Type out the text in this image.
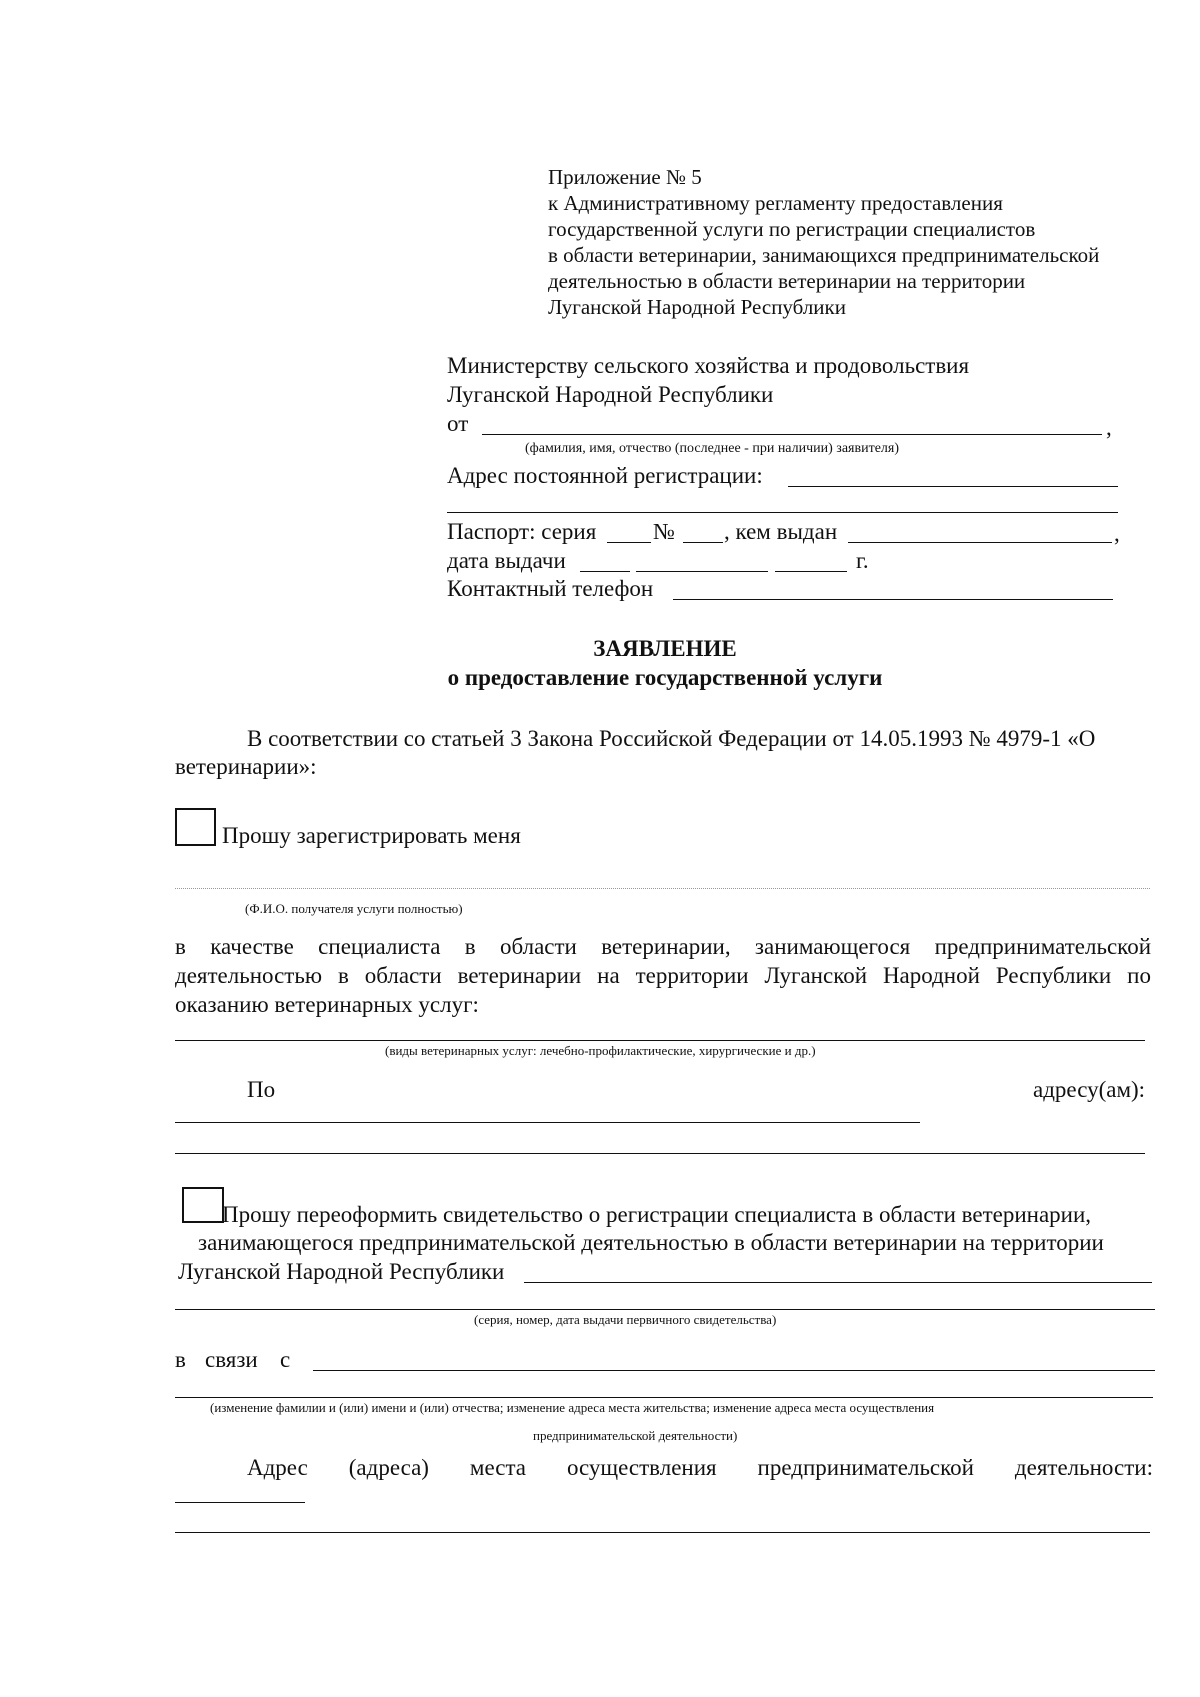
Приложение № 5
к Административному регламенту предоставления
государственной услуги по регистрации специалистов
в области ветеринарии, занимающихся предпринимательской
деятельностью в области ветеринарии на территории
Луганской Народной Республики
Министерству сельского хозяйства и продовольствия
Луганской Народной Республики
от	,
(фамилия, имя, отчество (последнее - при наличии) заявителя)
Адрес постоянной регистрации:
Паспорт: серия № , кем выдан	,
дата выдачи	г.
Контактный телефон
ЗАЯВЛЕНИЕ
о предоставление государственной услуги
В соответствии со статьей 3 Закона Российской Федерации от 14.05.1993 № 4979-1 «О
ветеринарии»:
Прошу зарегистрировать меня
(Ф.И.О. получателя услуги полностью)
в качестве специалиста в области ветеринарии, занимающегося предпринимательской деятельностью в области ветеринарии на территории Луганской Народной Республики по оказанию ветеринарных услуг:
(виды ветеринарных услуг: лечебно-профилактические, хирургические и др.)
По	адресу(ам):
Прошу переоформить свидетельство о регистрации специалиста в области ветеринарии,
занимающегося предпринимательской деятельностью в области ветеринарии на территории
Луганской Народной Республики
(серия, номер, дата выдачи первичного свидетельства)
в связи с
(изменение фамилии и (или) имени и (или) отчества; изменение адреса места жительства; изменение адреса места осуществления
предпринимательской деятельности)
Адрес (адреса) места осуществления предпринимательской деятельности:
